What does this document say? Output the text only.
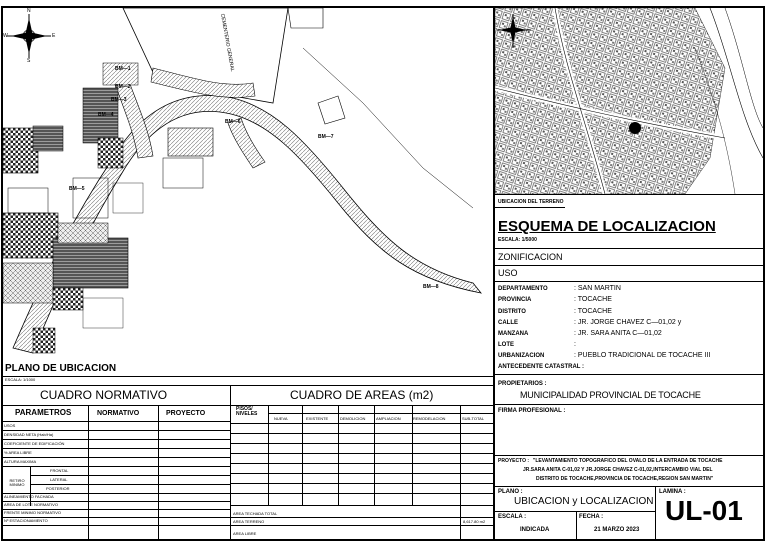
BM—1
BM—2
BM—3
BM—4
BM—5
BM—6
BM—7
BM—8
CEMENTERIO GENERAL
N
S
W	E
PLANO DE UBICACION
ESCALA: 1/1000
CUADRO NORMATIVO
PARAMETROS	NORMATIVO	PROYECTO
USOS
DENSIDAD NETA (Hab/Ha)
COEFICIENTE DE EDIFICACIÓN
% AREA LIBRE
ALTURA MAXIMA
RETIRO MINIMO
FRONTAL
LATERAL
POSTERIOR
ALINEAMIENTO FACHADA
AREA DE LOTE NORMATIVO
FRENTE MINIMO NORMATIVO
Nº ESTACIONAMIENTO
CUADRO DE AREAS (m2)
PISOS/ NIVELES
NUEVA	EXISTENTE	DEMOLICION	AMPLIACION	REMODELACION	SUB-TOTAL
AREA TECHADA TOTAL
AREA TERRENO	8,617.80 m2
AREA LIBRE
UBICACION DEL TERRENO
ESQUEMA DE LOCALIZACION
ESCALA: 1/5000
ZONIFICACION
USO
DEPARTAMENTO	: SAN MARTIN
PROVINCIA	: TOCACHE
DISTRITO	: TOCACHE
CALLE	: JR. JORGE CHAVEZ C—01,02 y
MANZANA	: JR. SARA ANITA C—01,02
LOTE	:
URBANIZACION	: PUEBLO TRADICIONAL DE TOCACHE III
ANTECEDENTE CATASTRAL :
PROPIETARIOS :
MUNICIPALIDAD PROVINCIAL DE TOCACHE
FIRMA PROFESIONAL :
PROYECTO : "LEVANTAMIENTO TOPOGRAFICO DEL OVALO DE LA ENTRADA DE TOCACHE
JR.SARA ANITA C-01,02 Y JR.JORGE CHAVEZ C-01,02,INTERCAMBIO VIAL DEL
DISTRITO DE TOCACHE,PROVINCIA DE TOCACHE,REGION SAN MARTIN"
PLANO :
UBICACION y LOCALIZACION
LAMINA :
UL-01
ESCALA :
INDICADA
FECHA :
21 MARZO 2023
